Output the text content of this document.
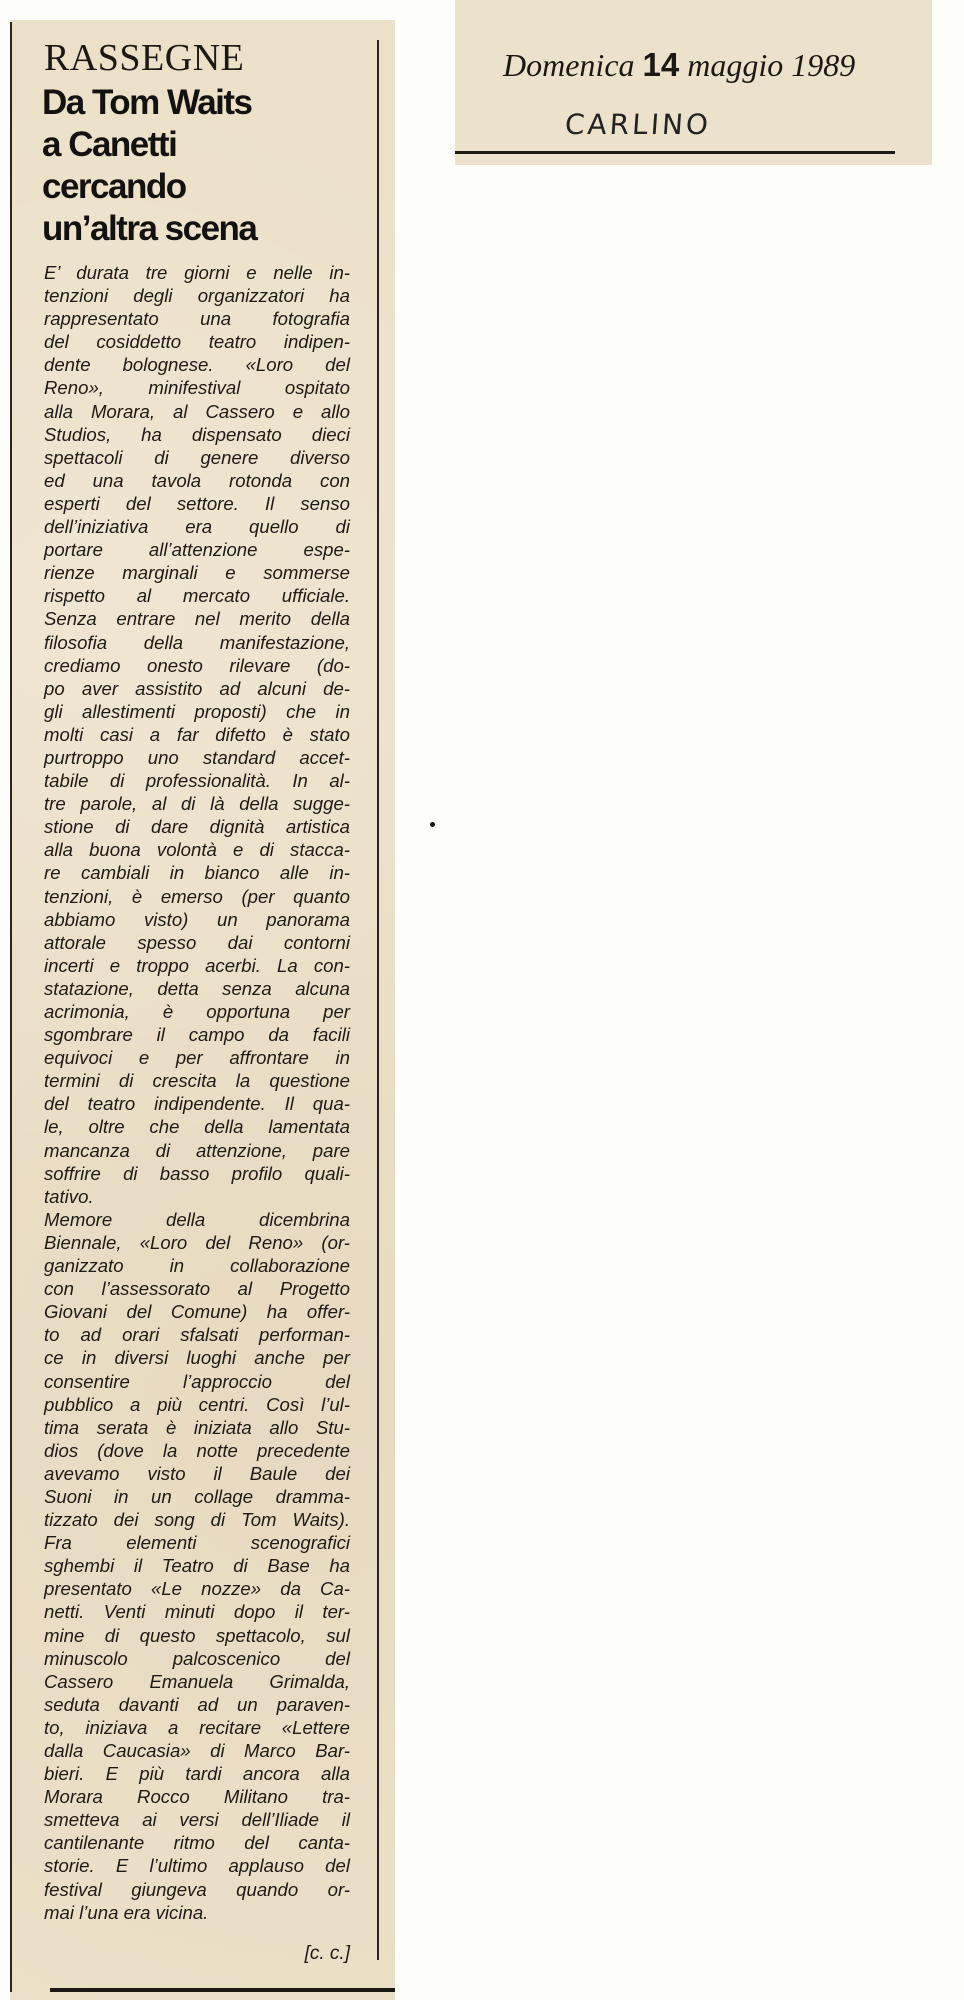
RASSEGNE
Da Tom Waits
a Canetti
cercando
un’altra scena
E’ durata tre giorni e nelle in-
tenzioni degli organizzatori ha
rappresentato una fotografia
del cosiddetto teatro indipen-
dente bolognese. «Loro del
Reno», minifestival ospitato
alla Morara, al Cassero e allo
Studios, ha dispensato dieci
spettacoli di genere diverso
ed una tavola rotonda con
esperti del settore. Il senso
dell’iniziativa era quello di
portare all’attenzione espe-
rienze marginali e sommerse
rispetto al mercato ufficiale.
Senza entrare nel merito della
filosofia della manifestazione,
crediamo onesto rilevare (do-
po aver assistito ad alcuni de-
gli allestimenti proposti) che in
molti casi a far difetto è stato
purtroppo uno standard accet-
tabile di professionalità. In al-
tre parole, al di là della sugge-
stione di dare dignità artistica
alla buona volontà e di stacca-
re cambiali in bianco alle in-
tenzioni, è emerso (per quanto
abbiamo visto) un panorama
attorale spesso dai contorni
incerti e troppo acerbi. La con-
statazione, detta senza alcuna
acrimonia, è opportuna per
sgombrare il campo da facili
equivoci e per affrontare in
termini di crescita la questione
del teatro indipendente. Il qua-
le, oltre che della lamentata
mancanza di attenzione, pare
soffrire di basso profilo quali-
tativo.
Memore della dicembrina
Biennale, «Loro del Reno» (or-
ganizzato in collaborazione
con l’assessorato al Progetto
Giovani del Comune) ha offer-
to ad orari sfalsati performan-
ce in diversi luoghi anche per
consentire l’approccio del
pubblico a più centri. Così l’ul-
tima serata è iniziata allo Stu-
dios (dove la notte precedente
avevamo visto il Baule dei
Suoni in un collage dramma-
tizzato dei song di Tom Waits).
Fra elementi scenografici
sghembi il Teatro di Base ha
presentato «Le nozze» da Ca-
netti. Venti minuti dopo il ter-
mine di questo spettacolo, sul
minuscolo palcoscenico del
Cassero Emanuela Grimalda,
seduta davanti ad un paraven-
to, iniziava a recitare «Lettere
dalla Caucasia» di Marco Bar-
bieri. E più tardi ancora alla
Morara Rocco Militano tra-
smetteva ai versi dell’Iliade il
cantilenante ritmo del canta-
storie. E l’ultimo applauso del
festival giungeva quando or-
mai l’una era vicina.
[c. c.]
Domenica 14 maggio 1989
CARLINO
